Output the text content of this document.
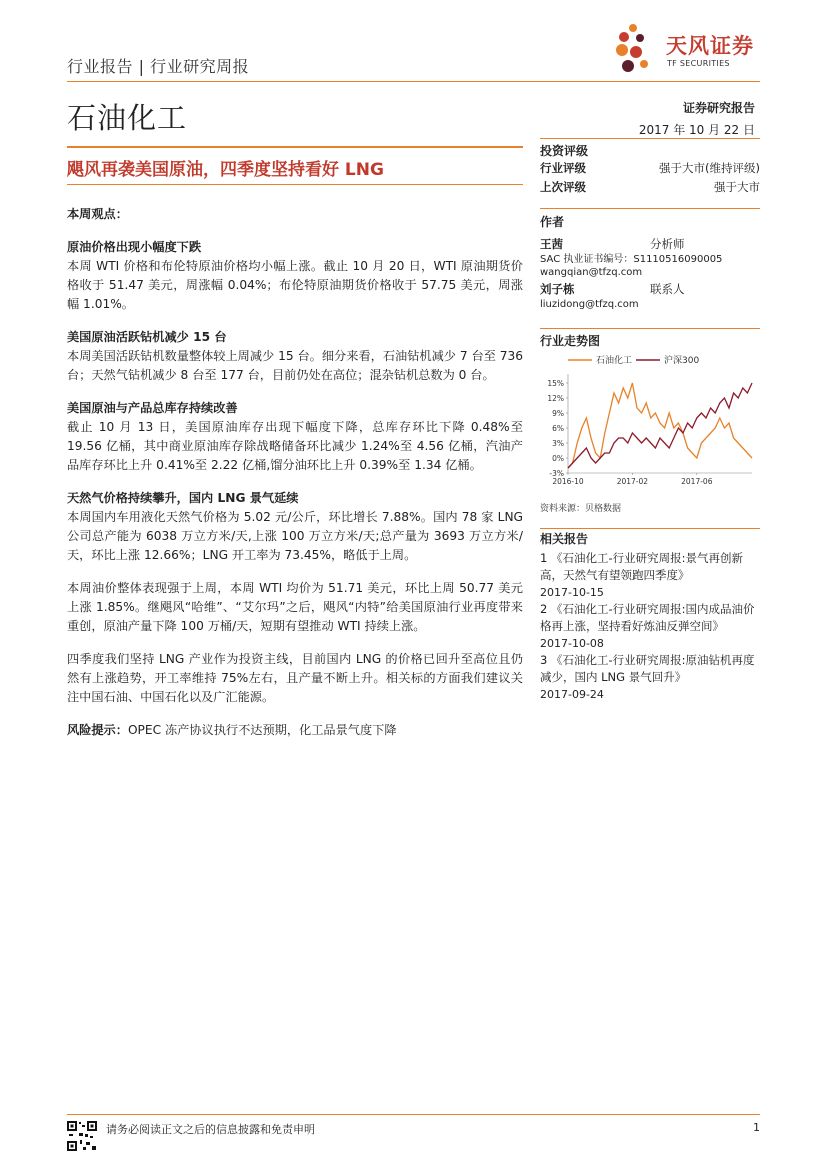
行业报告 | 行业研究周报
天风证券
TF SECURITIES
石油化工	证券研究报告
2017 年 10 月 22 日
飓风再袭美国原油，四季度坚持看好 LNG

本周观点：

原油价格出现小幅度下跌

本周 WTI 价格和布伦特原油价格均小幅上涨。截止 10 月 20 日，WTI 原油期货价格收于 51.47 美元，周涨幅 0.04%；布伦特原油期货价格收于 57.75 美元，周涨幅 1.01%。

美国原油活跃钻机减少 15 台

本周美国活跃钻机数量整体较上周减少 15 台。细分来看，石油钻机减少 7 台至 736 台；天然气钻机减少 8 台至 177 台，目前仍处在高位；混杂钻机总数为 0 台。

美国原油与产品总库存持续改善

截止 10 月 13 日，美国原油库存出现下幅度下降，总库存环比下降 0.48%至 19.56 亿桶，其中商业原油库存除战略储备环比减少 1.24%至 4.56 亿桶，汽油产品库存环比上升 0.41%至 2.22 亿桶,馏分油环比上升 0.39%至 1.34 亿桶。

天然气价格持续攀升，国内 LNG 景气延续

本周国内车用液化天然气价格为 5.02 元/公斤，环比增长 7.88%。国内 78 家 LNG 公司总产能为 6038 万立方米/天,上涨 100 万立方米/天;总产量为 3693 万立方米/天，环比上涨 12.66%；LNG 开工率为 73.45%，略低于上周。

本周油价整体表现强于上周，本周 WTI 均价为 51.71 美元，环比上周 50.77 美元上涨 1.85%。继飓风“哈维”、“艾尔玛”之后，飓风“内特”给美国原油行业再度带来重创，原油产量下降 100 万桶/天，短期有望推动 WTI 持续上涨。

四季度我们坚持 LNG 产业作为投资主线，目前国内 LNG 的价格已回升至高位且仍然有上涨趋势，开工率维持 75%左右，且产量不断上升。相关标的方面我们建议关注中国石油、中国石化以及广汇能源。

风险提示：OPEC 冻产协议执行不达预期，化工品景气度下降

投资评级
行业评级	强于大市(维持评级)
上次评级	强于大市
作者
王茜	分析师
SAC 执业证书编号：S1110516090005
wangqian@tfzq.com
刘子栋	联系人
liuzidong@tfzq.com
行业走势图
石油化工	沪深300
-3%
0%
3%
6%
9%
12%
15%
2016-10	2017-02	2017-06
资料来源：贝格数据
相关报告
1 《石油化工-行业研究周报:景气再创新高，天然气有望领跑四季度》
2017-10-15
2 《石油化工-行业研究周报:国内成品油价格再上涨，坚持看好炼油反弹空间》
2017-10-08
3 《石油化工-行业研究周报:原油钻机再度减少，国内 LNG 景气回升》
2017-09-24
请务必阅读正文之后的信息披露和免责申明	1
